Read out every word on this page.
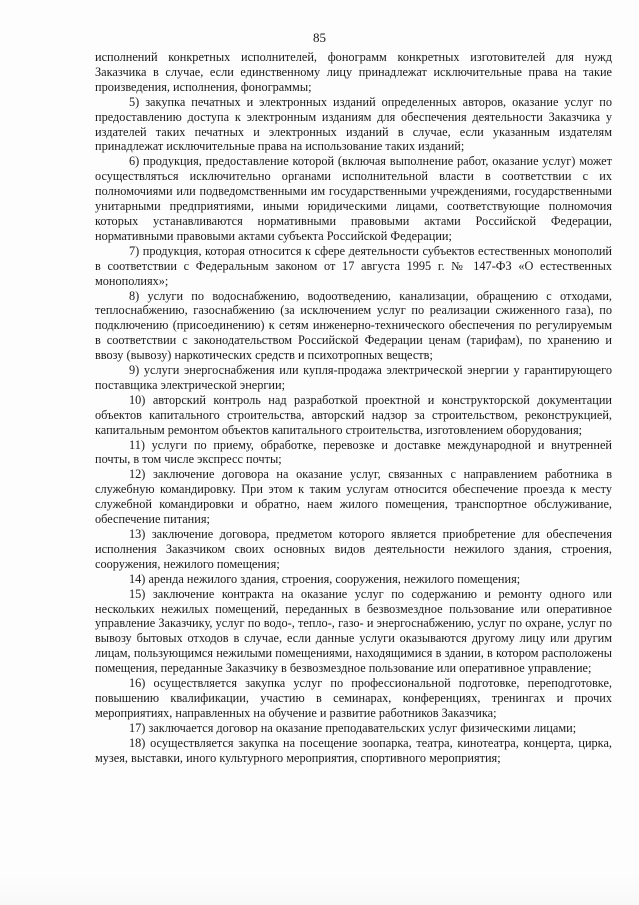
85

исполнений конкретных исполнителей, фонограмм конкретных изготовителей для нужд Заказчика в случае, если единственному лицу принадлежат исключительные права на такие произведения, исполнения, фонограммы;

5) закупка печатных и электронных изданий определенных авторов, оказание услуг по предоставлению доступа к электронным изданиям для обеспечения деятельности Заказчика у издателей таких печатных и электронных изданий в случае, если указанным издателям принадлежат исключительные права на использование таких изданий;

6) продукция, предоставление которой (включая выполнение работ, оказание услуг) может осуществляться исключительно органами исполнительной власти в соответствии с их полномочиями или подведомственными им государственными учреждениями, государственными унитарными предприятиями, иными юридическими лицами, соответствующие полномочия которых устанавливаются нормативными правовыми актами Российской Федерации, нормативными правовыми актами субъекта Российской Федерации;

7) продукция, которая относится к сфере деятельности субъектов естественных монополий в соответствии с Федеральным законом от 17 августа 1995 г. № 147-ФЗ «О естественных монополиях»;

8) услуги по водоснабжению, водоотведению, канализации, обращению с отходами, теплоснабжению, газоснабжению (за исключением услуг по реализации сжиженного газа), по подключению (присоединению) к сетям инженерно-технического обеспечения по регулируемым в соответствии с законодательством Российской Федерации ценам (тарифам), по хранению и ввозу (вывозу) наркотических средств и психотропных веществ;

9) услуги энергоснабжения или купля-продажа электрической энергии у гарантирующего поставщика электрической энергии;

10) авторский контроль над разработкой проектной и конструкторской документации объектов капитального строительства, авторский надзор за строительством, реконструкцией, капитальным ремонтом объектов капитального строительства, изготовлением оборудования;

11) услуги по приему, обработке, перевозке и доставке международной и внутренней почты, в том числе экспресс почты;

12) заключение договора на оказание услуг, связанных с направлением работника в служебную командировку. При этом к таким услугам относится обеспечение проезда к месту служебной командировки и обратно, наем жилого помещения, транспортное обслуживание, обеспечение питания;

13) заключение договора, предметом которого является приобретение для обеспечения исполнения Заказчиком своих основных видов деятельности нежилого здания, строения, сооружения, нежилого помещения;

14) аренда нежилого здания, строения, сооружения, нежилого помещения;

15) заключение контракта на оказание услуг по содержанию и ремонту одного или нескольких нежилых помещений, переданных в безвозмездное пользование или оперативное управление Заказчику, услуг по водо-, тепло-, газо- и энергоснабжению, услуг по охране, услуг по вывозу бытовых отходов в случае, если данные услуги оказываются другому лицу или другим лицам, пользующимся нежилыми помещениями, находящимися в здании, в котором расположены помещения, переданные Заказчику в безвозмездное пользование или оперативное управление;

16) осуществляется закупка услуг по профессиональной подготовке, переподготовке, повышению квалификации, участию в семинарах, конференциях, тренингах и прочих мероприятиях, направленных на обучение и развитие работников Заказчика;

17) заключается договор на оказание преподавательских услуг физическими лицами;

18) осуществляется закупка на посещение зоопарка, театра, кинотеатра, концерта, цирка, музея, выставки, иного культурного мероприятия, спортивного мероприятия;
